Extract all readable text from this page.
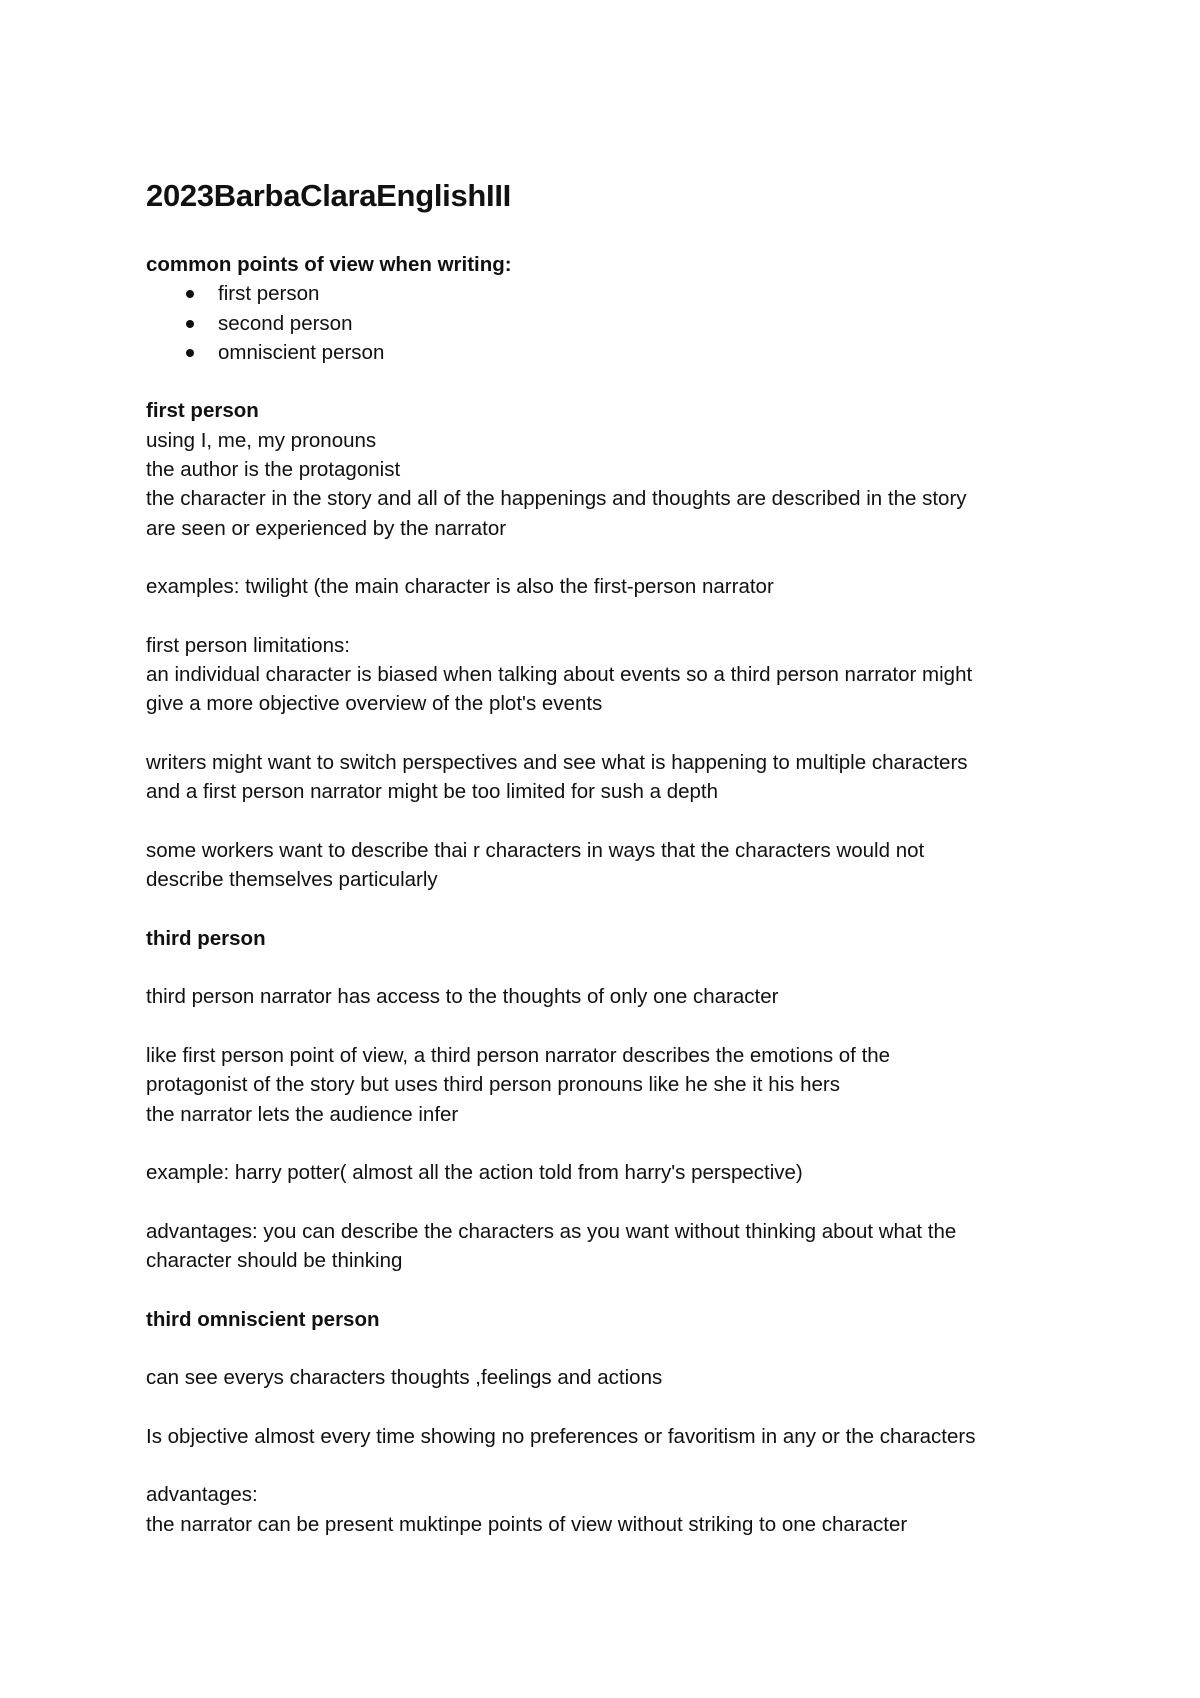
2023BarbaClaraEnglishIII

common points of view when writing:

first person
second person
omniscient person

first person

using I, me, my pronouns

the author is the protagonist

the character in the story and all of the happenings and thoughts are described in the story

are seen or experienced by the narrator

examples: twilight (the main character is also the first-person narrator

first person limitations:

an individual character is biased when talking about events so a third person narrator might

give a more objective overview of the plot's events

writers might want to switch perspectives and see what is happening to multiple characters

and a first person narrator might be too limited for sush a depth

some workers want to describe thai r characters in ways that the characters would not

describe themselves particularly

third person

third person narrator has access to the thoughts of only one character

like first person point of view, a third person narrator describes the emotions of the

protagonist of the story but uses third person pronouns like he she it his hers

the narrator lets the audience infer

example: harry potter( almost all the action told from harry's perspective)

advantages: you can describe the characters as you want without thinking about what the

character should be thinking

third omniscient person

can see everys characters thoughts ,feelings and actions

Is objective almost every time showing no preferences or favoritism in any or the characters

advantages:

the narrator can be present muktinpe points of view without striking to one character
